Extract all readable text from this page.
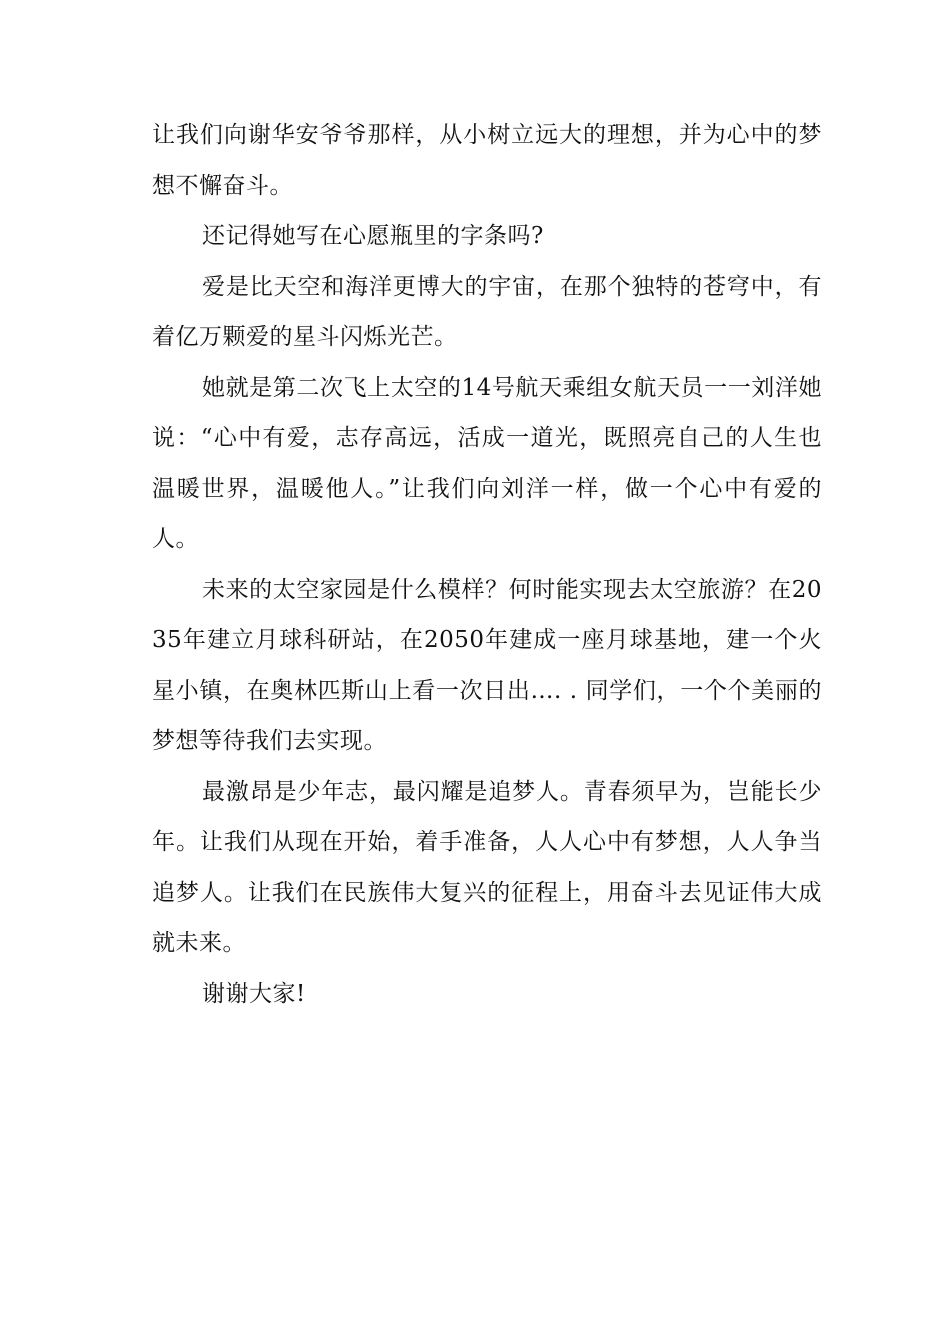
让我们向谢华安爷爷那样，从小树立远大的理想，并为心中的梦想不懈奋斗。

还记得她写在心愿瓶里的字条吗?

爱是比天空和海洋更博大的宇宙，在那个独特的苍穹中，有着亿万颗爱的星斗闪烁光芒。

她就是第二次飞上太空的14号航天乘组女航天员一一刘洋她说：“心中有爱，志存高远，活成一道光，既照亮自己的人生也温暖世界，温暖他人。”让我们向刘洋一样，做一个心中有爱的人。

未来的太空家园是什么模样？何时能实现去太空旅游？在2035年建立月球科研站，在2050年建成一座月球基地，建一个火星小镇，在奥林匹斯山上看一次日出…. . 同学们，一个个美丽的梦想等待我们去实现。

最激昂是少年志，最闪耀是追梦人。青春须早为，岂能长少年。让我们从现在开始，着手准备，人人心中有梦想，人人争当追梦人。让我们在民族伟大复兴的征程上，用奋斗去见证伟大成就未来。

谢谢大家!
